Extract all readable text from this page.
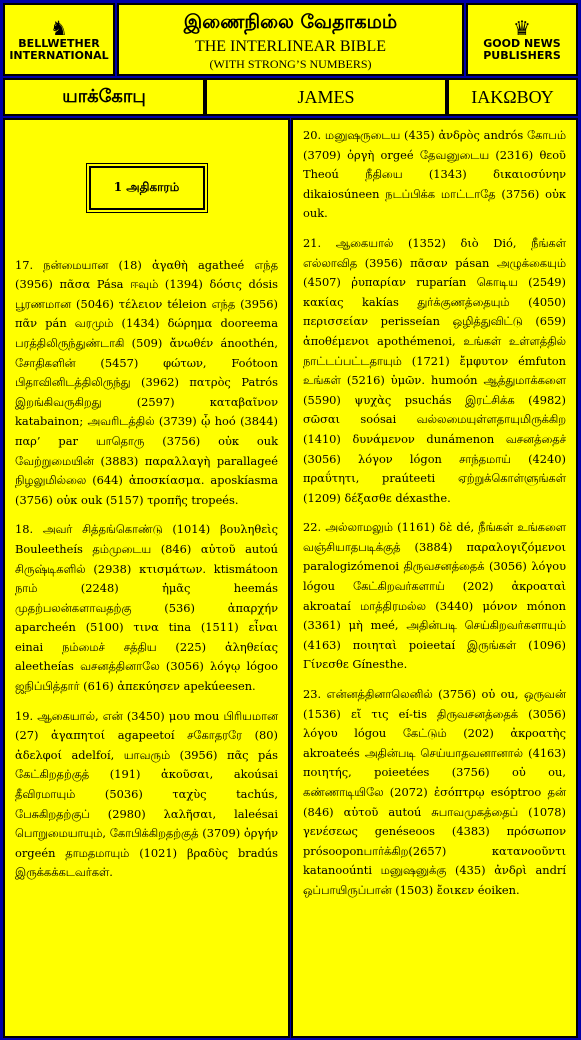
♞
BELLWETHER INTERNATIONAL
இணைநிலை வேதாகமம்
THE INTERLINEAR BIBLE
(WITH STRONG’S NUMBERS)
♛
GOOD NEWS PUBLISHERS
யாக்கோபு	JAMES	ΙΑΚΩΒΟΥ
1 அதிகாரம்

17. நன்மையான (18) ἀγαθὴ agatheé எந்த (3956) πᾶσα Pása ஈவும் (1394) δόσις dósis பூரணமான (5046) τέλειον téleion எந்த (3956) πᾶν pán வரமும் (1434) δώρημα dooreema பரத்திலிருந்துண்டாகி (509) ἄνωθέν ánoothén, சோதிகளின் (5457) φώτων, Foótoon பிதாவினிடத்திலிருந்து (3962) πατρὸς Patrós இறங்கிவருகிறது (2597) καταβαῖνον katabainon; அவரிடத்தில் (3739) ᾧ hoó (3844) παρ’ par யாதொரு (3756) οὐκ ouk வேற்றுமையின் (3883) παραλλαγὴ parallageé நிழலுமில்லை (644) ἀποσκίασμα. aposkíasma (3756) οὐκ ouk (5157) τροπῆς tropeés.

18. அவர் சித்தங்கொண்டு (1014) βουληθεὶς Bouleetheís தம்முடைய (846) αὐτοῦ autoú சிருஷ்டிகளில் (2938) κτισμάτων. ktismátoon நாம் (2248) ἡμᾶς heemás முதற்பலன்களாவதற்கு (536) ἀπαρχήν aparcheén (5100) τινα tina (1511) εἶναι einai நம்மைச் சத்திய (225) ἀληθείας aleetheías வசனத்தினாலே (3056) λόγῳ lógoo ஜநிப்பித்தார் (616) ἀπεκύησεν apekúeesen.

19. ஆகையால், என் (3450) μου mou பிரியமான (27) ἀγαπητοί agapeetoí சகோதரரே (80) ἀδελφοί adelfoí, யாவரும் (3956) πᾶς pás கேட்கிறதற்குத் (191) ἀκοῦσαι, akoúsai தீவிரமாயும் (5036) ταχὺς tachús, பேசுகிறதற்குப் (2980) λαλῆσαι, laleésai பொறுமையாயும், கோபிக்கிறதற்குத் (3709) ὀργήν orgeén தாமதமாயும் (1021) βραδὺς bradús இருக்கக்கடவர்கள்.

20. மனுஷருடைய (435) ἀνδρὸς andrós கோபம் (3709) ὀργὴ orgeé தேவனுடைய (2316) θεοῦ Theoú நீதியை (1343) δικαιοσύνην dikaiosúneen நடப்பிக்க மாட்டாதே (3756) οὐκ ouk.

21. ஆகையால் (1352) διὸ Dió, நீங்கள் எல்லாவித (3956) πᾶσαν pásan அழுக்கையும் (4507) ῥυπαρίαν ruparían கொடிய (2549) κακίας kakías துர்க்குணத்தையும் (4050) περισσείαν perisseían ஒழித்துவிட்டு (659) ἀποθέμενοι apothémenoi, உங்கள் உள்ளத்தில் நாட்டப்பட்டதாயும் (1721) ἔμφυτον émfuton உங்கள் (5216) ὑμῶν. humoón ஆத்துமாக்களை (5590) ψυχὰς psuchás இரட்சிக்க (4982) σῶσαι soósai வல்லமையுள்ளதாயுமிருக்கிற (1410) δυνάμενον dunámenon வசனத்தைச் (3056) λόγον lógon சாந்தமாய் (4240) πραΰτητι, praúteeti ஏற்றுக்கொள்ளுங்கள் (1209) δέξασθε déxasthe.

22. அல்லாமலும் (1161) δὲ dé, நீங்கள் உங்களை வஞ்சியாதபடிக்குத் (3884) παραλογιζόμενοι paralogizómenoi திருவசனத்தைக் (3056) λόγου lógou கேட்கிறவர்களாய் (202) ἀκροαταὶ akroataí மாத்திரமல்ல (3440) μόνον mónon (3361) μὴ meé, அதின்படி செய்கிறவர்களாயும் (4163) ποιηταὶ poieetaí இருங்கள் (1096) Γίνεσθε Gínesthe.

23. என்னத்தினாலெனில் (3756) οὐ ou, ஒருவன் (1536) εἴ τις eí-tis திருவசனத்தைக் (3056) λόγου lógou கேட்டும் (202) ἀκροατὴς akroateés அதின்படி செய்யாதவனானால் (4163) ποιητής, poieetées (3756) οὐ ou, கண்ணாடியிலே (2072) ἐσόπτρῳ esóptroo தன் (846) αὐτοῦ autoú சுபாவமுகத்தைப் (1078) γενέσεως genéseoos (4383) πρόσωπον prósooponபார்க்கிற(2657) κατανοοῦντι katanooúnti மனுஷனுக்கு (435) ἀνδρὶ andrí ஒப்பாயிருப்பான் (1503) ἔοικεν éoiken.
